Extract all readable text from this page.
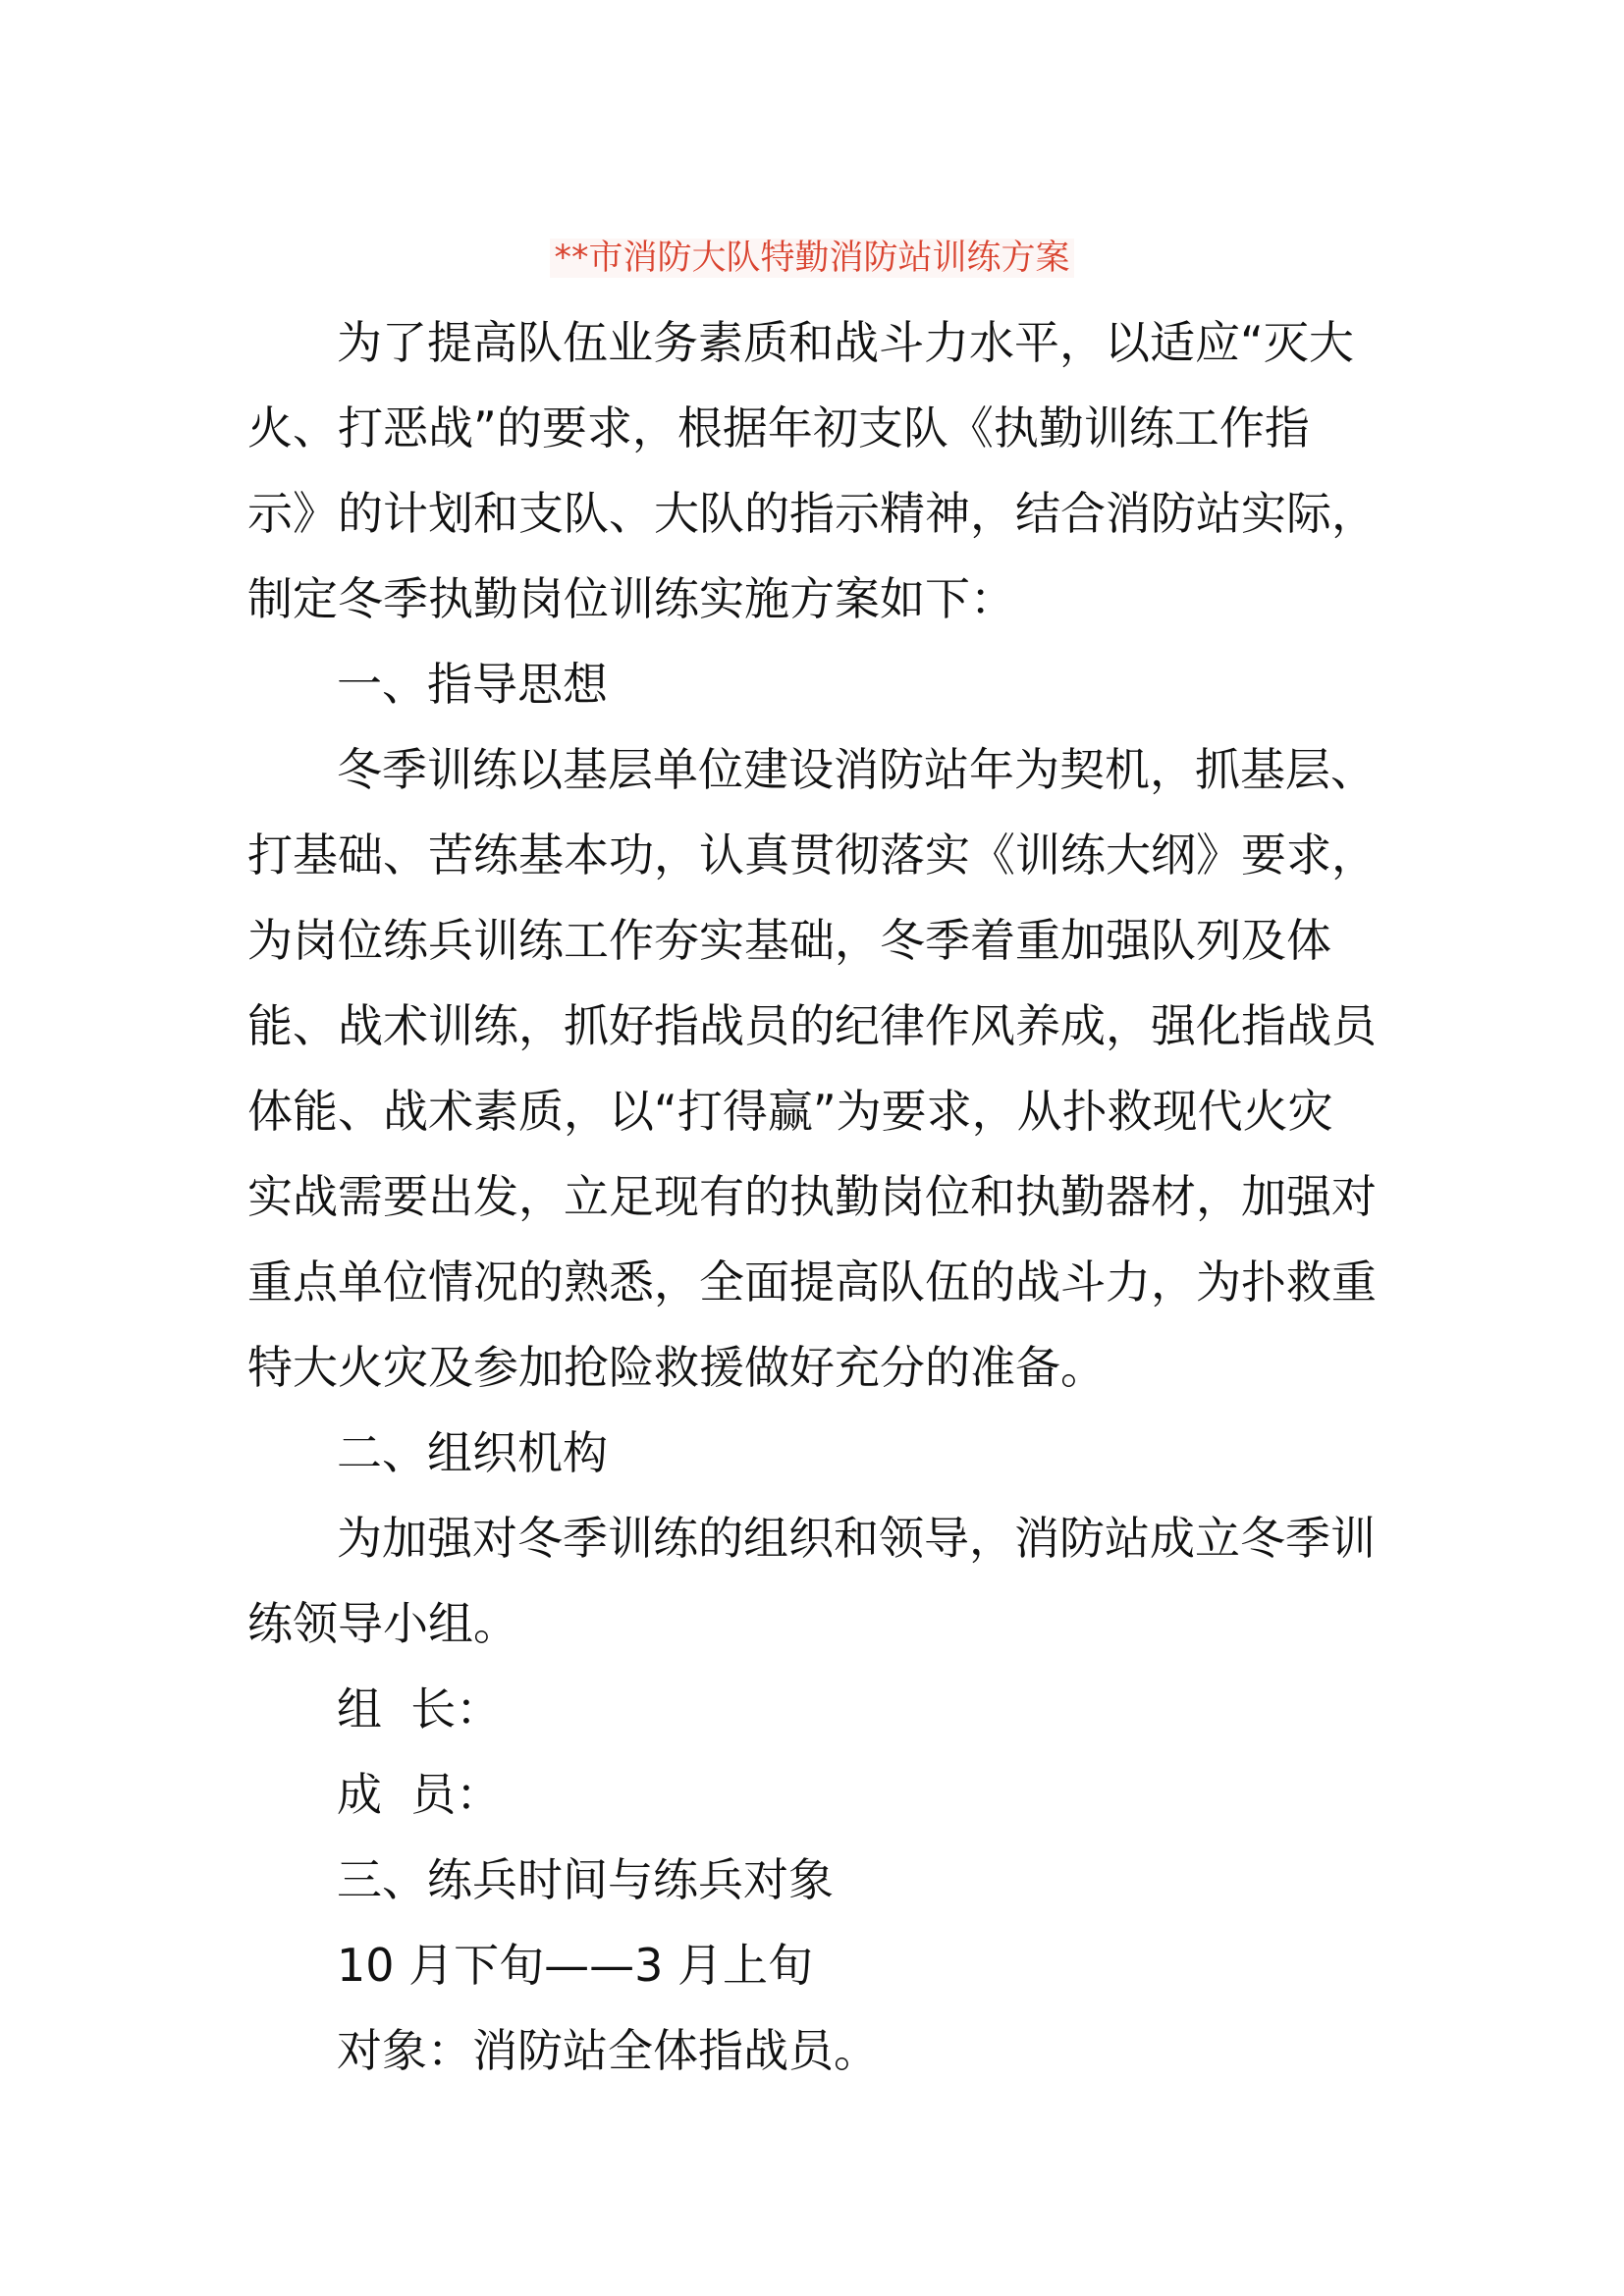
**市消防大队特勤消防站训练方案
为了提高队伍业务素质和战斗力水平，以适应“灭大
火、打恶战”的要求，根据年初支队《执勤训练工作指
示》的计划和支队、大队的指示精神，结合消防站实际，
制定冬季执勤岗位训练实施方案如下：
一、指导思想
冬季训练以基层单位建设消防站年为契机，抓基层、
打基础、苦练基本功，认真贯彻落实《训练大纲》要求，
为岗位练兵训练工作夯实基础，冬季着重加强队列及体
能、战术训练，抓好指战员的纪律作风养成，强化指战员
体能、战术素质，以“打得赢”为要求，从扑救现代火灾
实战需要出发，立足现有的执勤岗位和执勤器材，加强对
重点单位情况的熟悉，全面提高队伍的战斗力，为扑救重
特大火灾及参加抢险救援做好充分的准备。
二、组织机构
为加强对冬季训练的组织和领导，消防站成立冬季训
练领导小组。
组  长：
成  员：
三、练兵时间与练兵对象
10 月下旬——3 月上旬
对象：消防站全体指战员。
